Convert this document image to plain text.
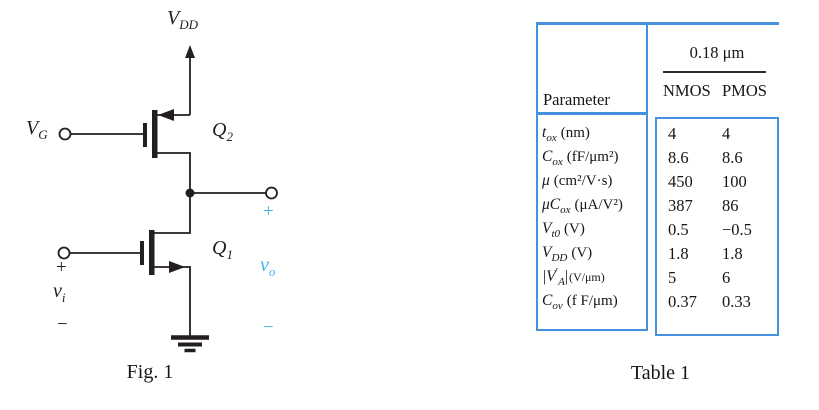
$V_{DD}$
$V_G$	$Q_2$
$Q_1$
+
$v_i$
−
+
$v_o$
−
Fig. 1
Parameter
0.18 μm
NMOS PMOS
$t_{ox}$ (nm)	4	4
$C_{ox}$ (fF/μm²)	8.6 8.6
μ (cm²/V·s)	450 100
$\mu C_{ox}$ (μA/V²)	387 86
$V_{t0}$ (V)	0.5 −0.5
$V_{DD}$ (V)	1.8 1.8
$|V'_A|(V/\mu m)$	5	6
$C_{ov}$ (f F/μm)	0.37 0.33
Table 1
